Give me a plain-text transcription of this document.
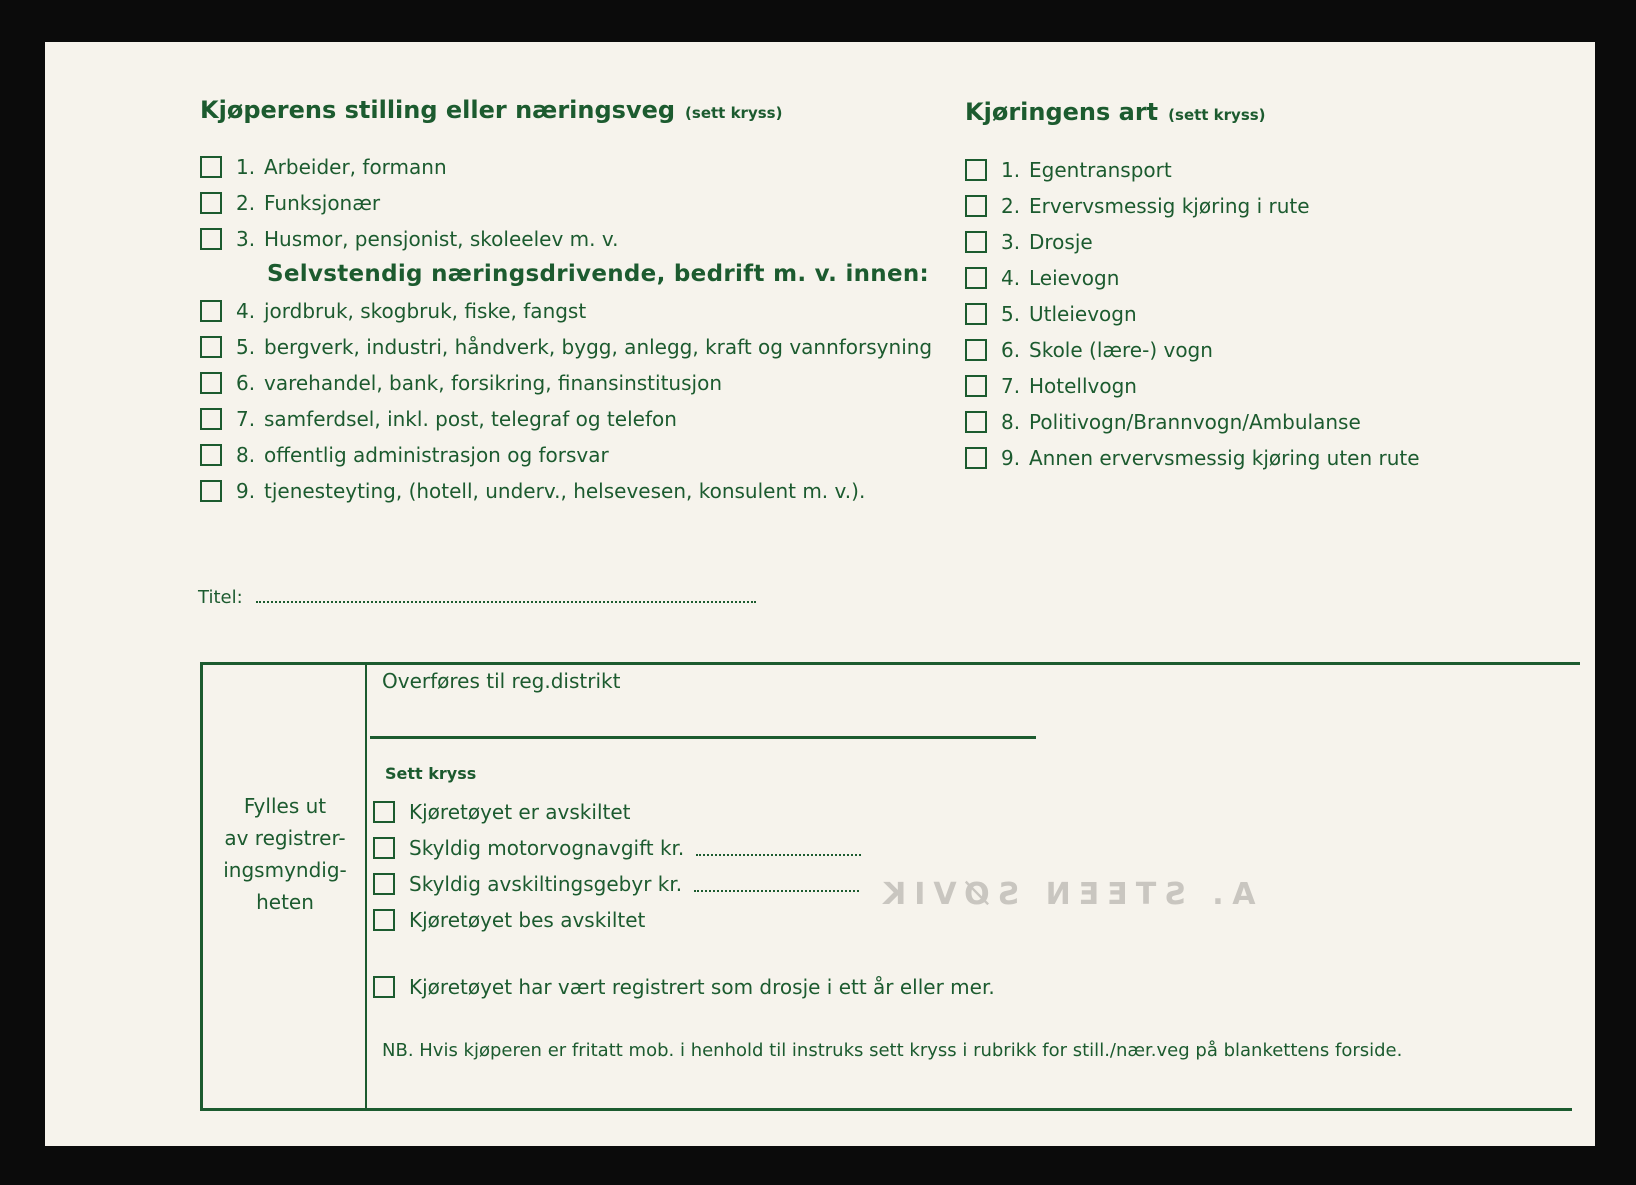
Kjøperens stilling eller næringsveg (sett kryss)
1. Arbeider, formann
2. Funksjonær
3. Husmor, pensjonist, skoleelev m. v.
Selvstendig næringsdrivende, bedrift m. v. innen:
4. jordbruk, skogbruk, fiske, fangst
5. bergverk, industri, håndverk, bygg, anlegg, kraft og vannforsyning
6. varehandel, bank, forsikring, finansinstitusjon
7. samferdsel, inkl. post, telegraf og telefon
8. offentlig administrasjon og forsvar
9. tjenesteyting, (hotell, underv., helsevesen, konsulent m. v.).
Kjøringens art (sett kryss)
1. Egentransport
2. Ervervsmessig kjøring i rute
3. Drosje
4. Leievogn
5. Utleievogn
6. Skole (lære-) vogn
7. Hotellvogn
8. Politivogn/Brannvogn/Ambulanse
9. Annen ervervsmessig kjøring uten rute
Titel:
Fylles ut
av registrer-
ingsmyndig-
heten
Overføres til reg.distrikt
Sett kryss
Kjøretøyet er avskiltet
Skyldig motorvognavgift kr.
Skyldig avskiltingsgebyr kr.
Kjøretøyet bes avskiltet
Kjøretøyet har vært registrert som drosje i ett år eller mer.
NB. Hvis kjøperen er fritatt mob. i henhold til instruks sett kryss i rubrikk for still./nær.veg på blankettens forside.
A. STEEN SØVIK
